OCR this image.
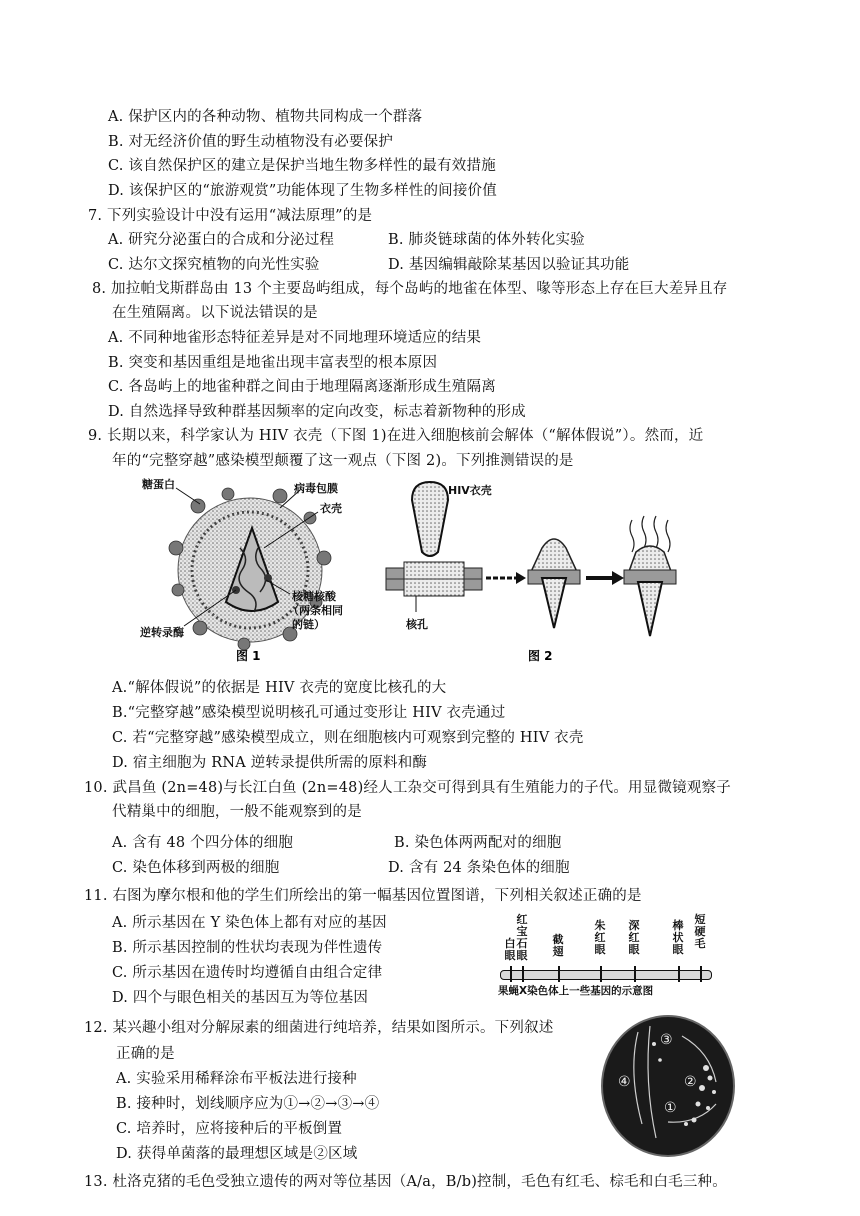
A. 保护区内的各种动物、植物共同构成一个群落
B. 对无经济价值的野生动植物没有必要保护
C. 该自然保护区的建立是保护当地生物多样性的最有效措施
D. 该保护区的“旅游观赏”功能体现了生物多样性的间接价值
7. 下列实验设计中没有运用“减法原理”的是
A. 研究分泌蛋白的合成和分泌过程	B. 肺炎链球菌的体外转化实验
C. 达尔文探究植物的向光性实验	D. 基因编辑敲除某基因以验证其功能
8. 加拉帕戈斯群岛由 13 个主要岛屿组成，每个岛屿的地雀在体型、喙等形态上存在巨大差异且存
在生殖隔离。以下说法错误的是
A. 不同种地雀形态特征差异是对不同地理环境适应的结果
B. 突变和基因重组是地雀出现丰富表型的根本原因
C. 各岛屿上的地雀种群之间由于地理隔离逐渐形成生殖隔离
D. 自然选择导致种群基因频率的定向改变，标志着新物种的形成
9. 长期以来，科学家认为 HIV 衣壳（下图 1)在进入细胞核前会解体（“解体假说”）。然而，近
年的“完整穿越”感染模型颠覆了这一观点（下图 2)。下列推测错误的是
糖蛋白	病毒包膜
衣壳
逆转录酶
核糖核酸
（两条相同
的链）
图 1
HIV衣壳
核孔
图 2
A.“解体假说”的依据是 HIV 衣壳的宽度比核孔的大
B.“完整穿越”感染模型说明核孔可通过变形让 HIV 衣壳通过
C. 若“完整穿越”感染模型成立，则在细胞核内可观察到完整的 HIV 衣壳
D. 宿主细胞为 RNA 逆转录提供所需的原料和酶
10. 武昌鱼 (2n=48)与长江白鱼 (2n=48)经人工杂交可得到具有生殖能力的子代。用显微镜观察子
代精巢中的细胞，一般不能观察到的是
A. 含有 48 个四分体的细胞	B. 染色体两两配对的细胞
C. 染色体移到两极的细胞	D. 含有 24 条染色体的细胞
11. 右图为摩尔根和他的学生们所绘出的第一幅基因位置图谱，下列相关叙述正确的是
A. 所示基因在 Y 染色体上都有对应的基因
B. 所示基因控制的性状均表现为伴性遗传
C. 所示基因在遗传时均遵循自由组合定律
D. 四个与眼色相关的基因互为等位基因
白眼
红宝石眼
截翅
朱红眼
深红眼
棒状眼
短硬毛
果蝇X染色体上一些基因的示意图
12. 某兴趣小组对分解尿素的细菌进行纯培养，结果如图所示。下列叙述
正确的是
A. 实验采用稀释涂布平板法进行接种
B. 接种时，划线顺序应为①→②→③→④
C. 培养时，应将接种后的平板倒置
D. 获得单菌落的最理想区域是②区域
③
④	②
①
13. 杜洛克猪的毛色受独立遗传的两对等位基因（A/a，B/b)控制，毛色有红毛、棕毛和白毛三种。
